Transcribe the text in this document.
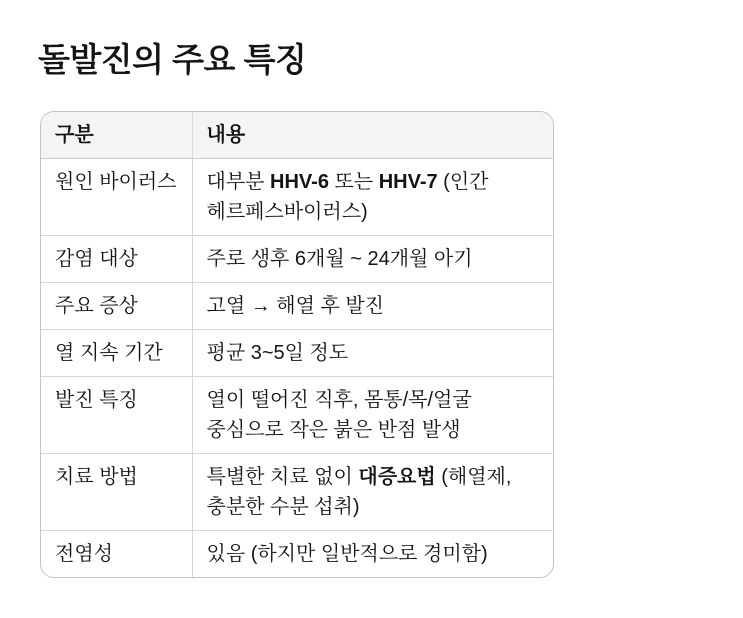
돌발진의 주요 특징
구분	내용

원인 바이러스	대부분 HHV-6 또는 HHV-7 (인간
헤르페스바이러스)

감염 대상	주로 생후 6개월 ~ 24개월 아기

주요 증상	고열 → 해열 후 발진

열 지속 기간	평균 3~5일 정도

발진 특징	열이 떨어진 직후, 몸통/목/얼굴
중심으로 작은 붉은 반점 발생

치료 방법	특별한 치료 없이 대증요법 (해열제,
충분한 수분 섭취)

전염성	있음 (하지만 일반적으로 경미함)
